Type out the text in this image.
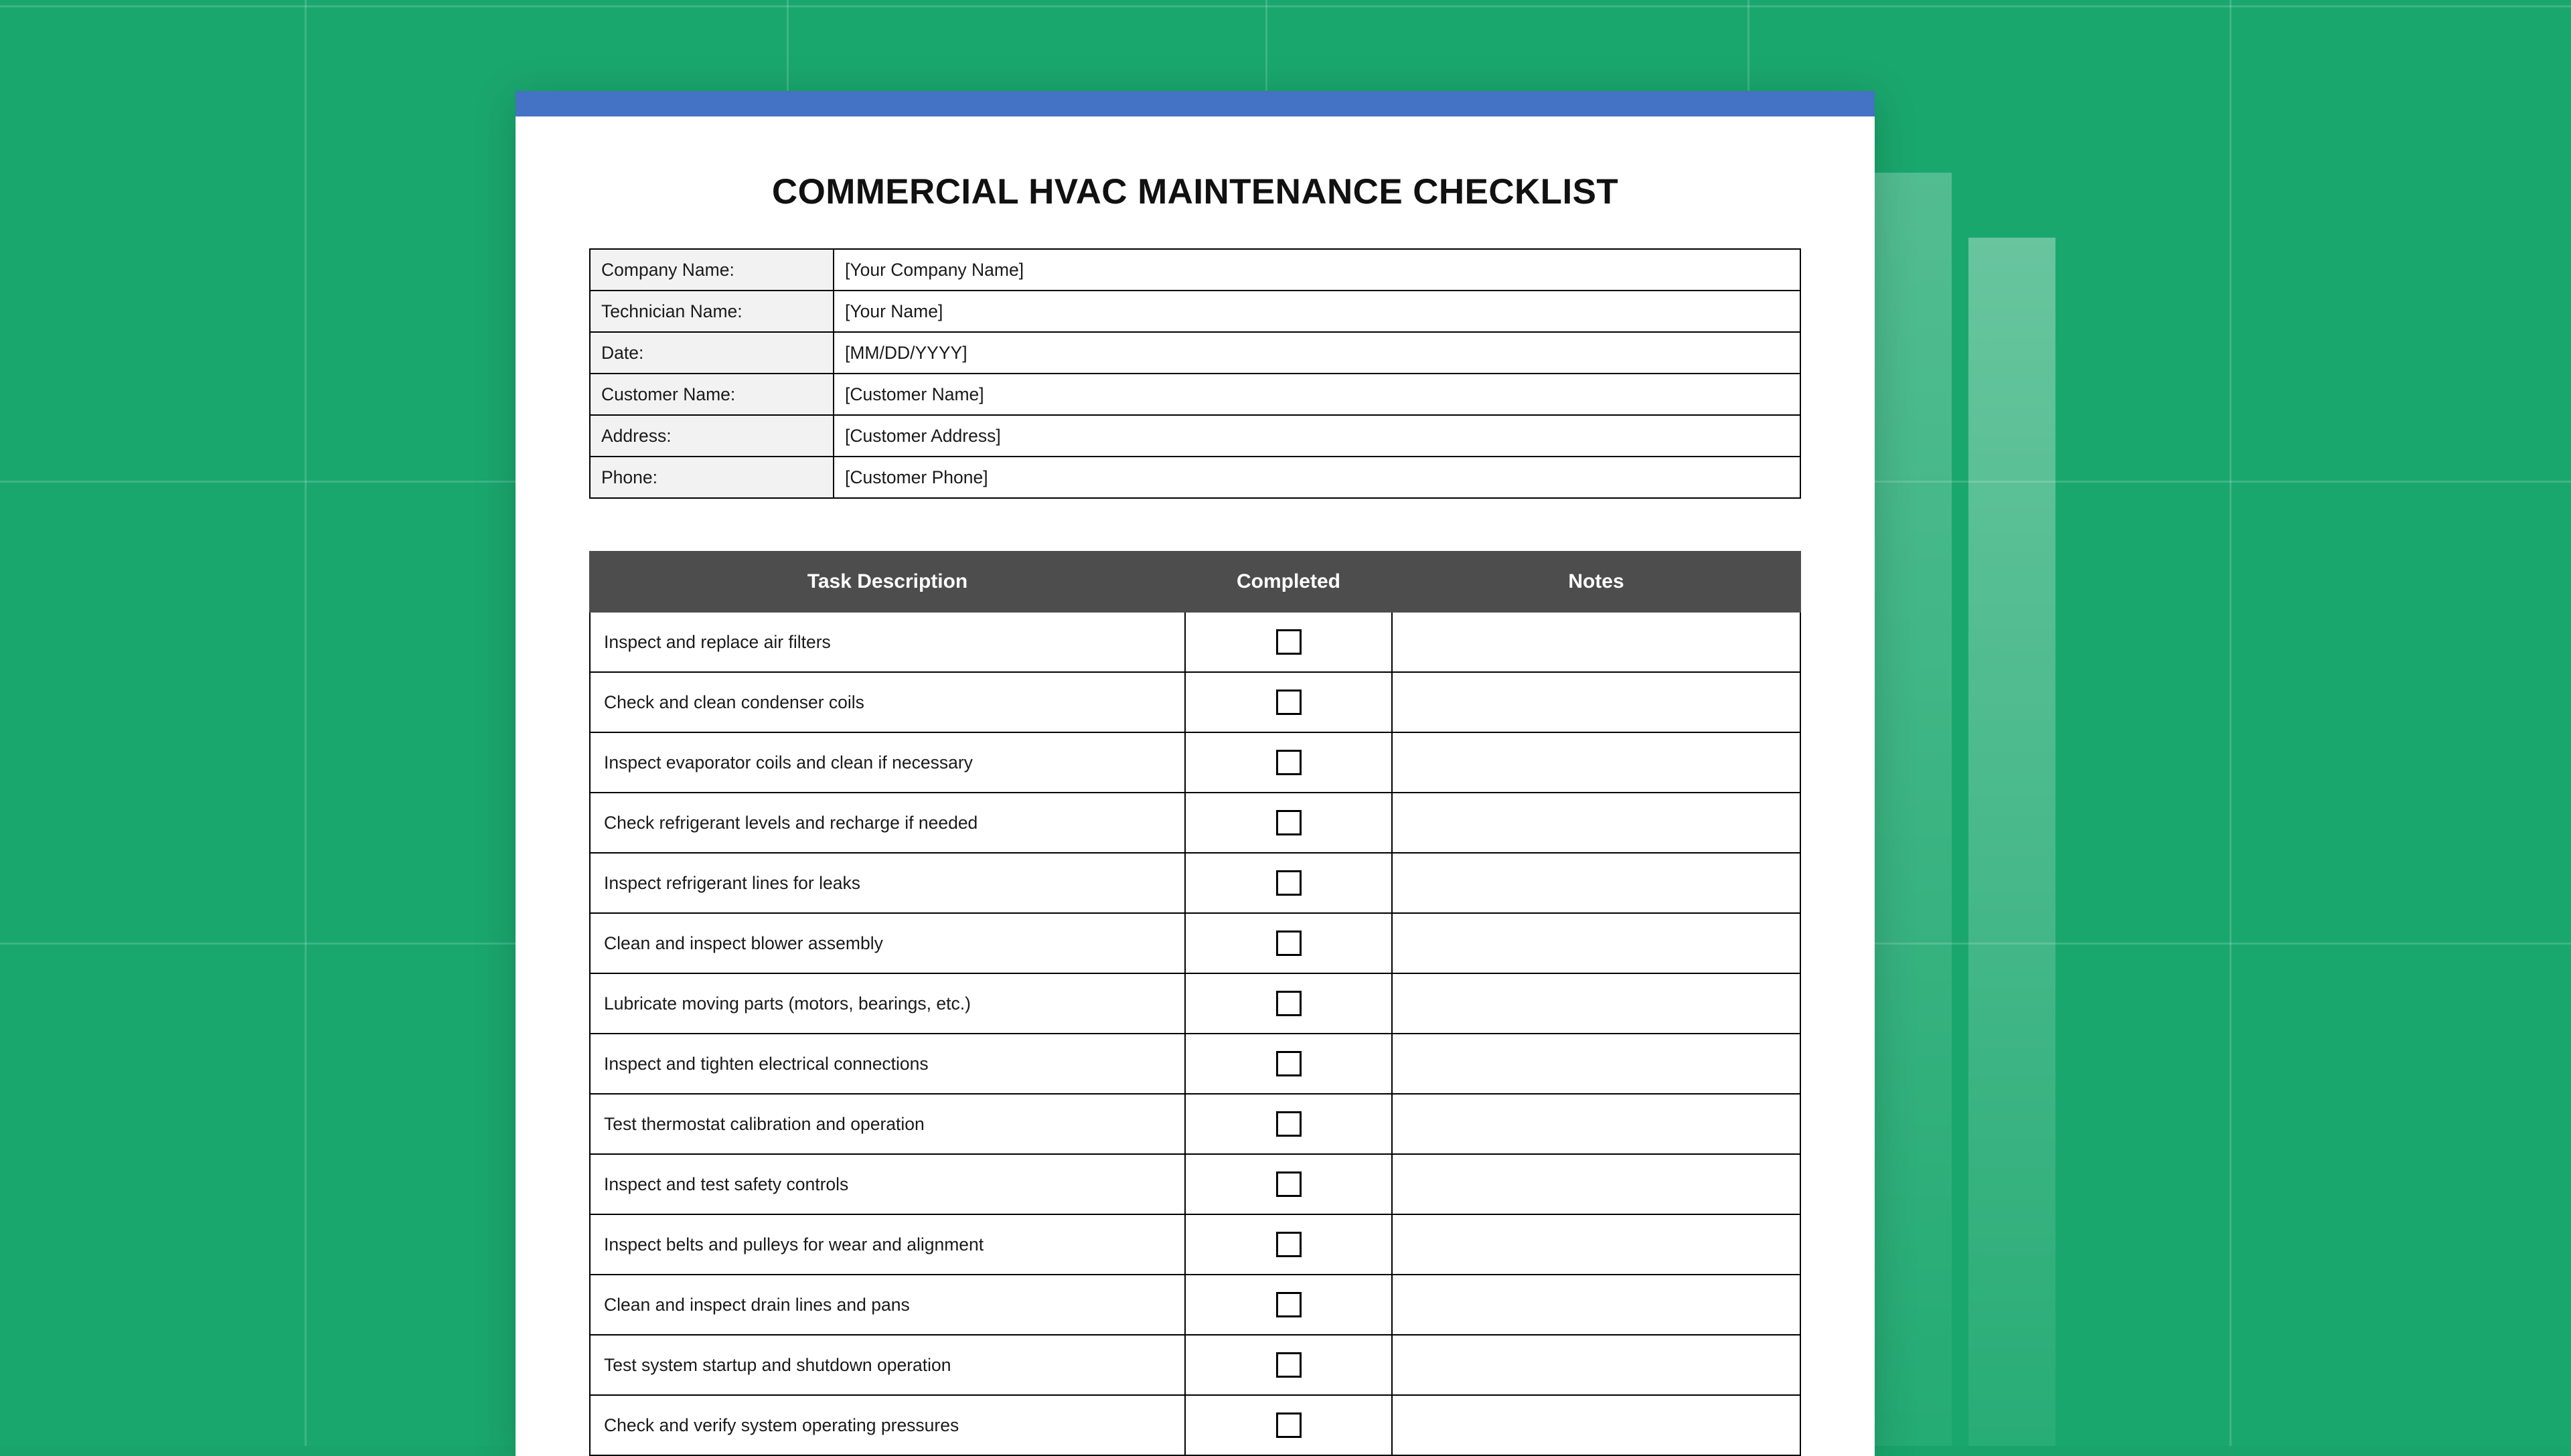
COMMERCIAL HVAC MAINTENANCE CHECKLIST
Company Name:	[Your Company Name]
Technician Name:	[Your Name]
Date:	[MM/DD/YYYY]
Customer Name:	[Customer Name]
Address:	[Customer Address]
Phone:	[Customer Phone]
Task Description	Completed	Notes
Inspect and replace air filters		
Check and clean condenser coils		
Inspect evaporator coils and clean if necessary		
Check refrigerant levels and recharge if needed		
Inspect refrigerant lines for leaks		
Clean and inspect blower assembly		
Lubricate moving parts (motors, bearings, etc.)		
Inspect and tighten electrical connections		
Test thermostat calibration and operation		
Inspect and test safety controls		
Inspect belts and pulleys for wear and alignment		
Clean and inspect drain lines and pans		
Test system startup and shutdown operation		
Check and verify system operating pressures		
